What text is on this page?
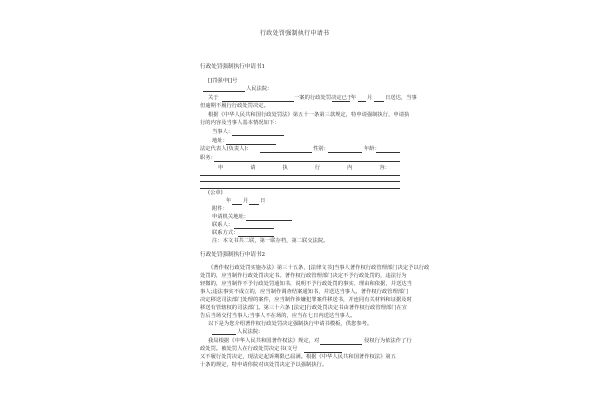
行政处罚强制执行申请书
行政处罚强制执行申请书1
[]罚强申[]号
人民法院:
关于	一案的行政处罚决定已于
年 月 日送达，当事
但逾期不履行行政处罚决定。
根据《中华人民共和国行政处罚法》第五十一条第三款规定，特申请强制执行，申请执
行的内容及当事人基本情况如下：
当事人：
地址：
法定代表人(负责人)：	性别：	年龄：
职务：
申	请	执	行	内	容：
(公章)
年 月 日
附件：
申请机关地址：
联系人：
联系方式：
注：本文书共二联，第一联存档，第二联交法院。
行政处罚强制执行申请书2
《著作权行政处罚实施办法》第三十五条，[法律文书]当事人著作权行政管理部门决定予以行政
处罚的，应当制作行政处罚决定书。著作权行政管理部门决定不予行政处罚的，违法行为
轻微的，应当制作不予行政处罚通知书，说明不予行政处罚的事实、理由和依据，并送达当
事人;违法事实不成立的，应当制作调查结案通知书，并送达当事人。著作权行政管理部门
决定移送司法部门处理的案件，应当制作涉嫌犯罪案件移送书，并连同有关材料和证据及时
移送有管辖权的司法部门。第三十六条 [法定]行政处罚决定书由著作权行政管理部门在宣
告后当场交付当事人;当事人不在场的，应当在七日内送达当事人。
以下是为您介绍著作权行政处罚决定强制执行申请书模板，供您参考。
人民法院:
我局根据《中华人民共和国著作权法》规定，对	侵权行为依法作了行
政处罚。被处罚人在行政处罚决定书(文号
又不履行处罚决定，现法定起诉期限已届满。根据《中华人民共和国著作权法》第五
十条的规定，特申请你院对该处罚决定予以强制执行。
